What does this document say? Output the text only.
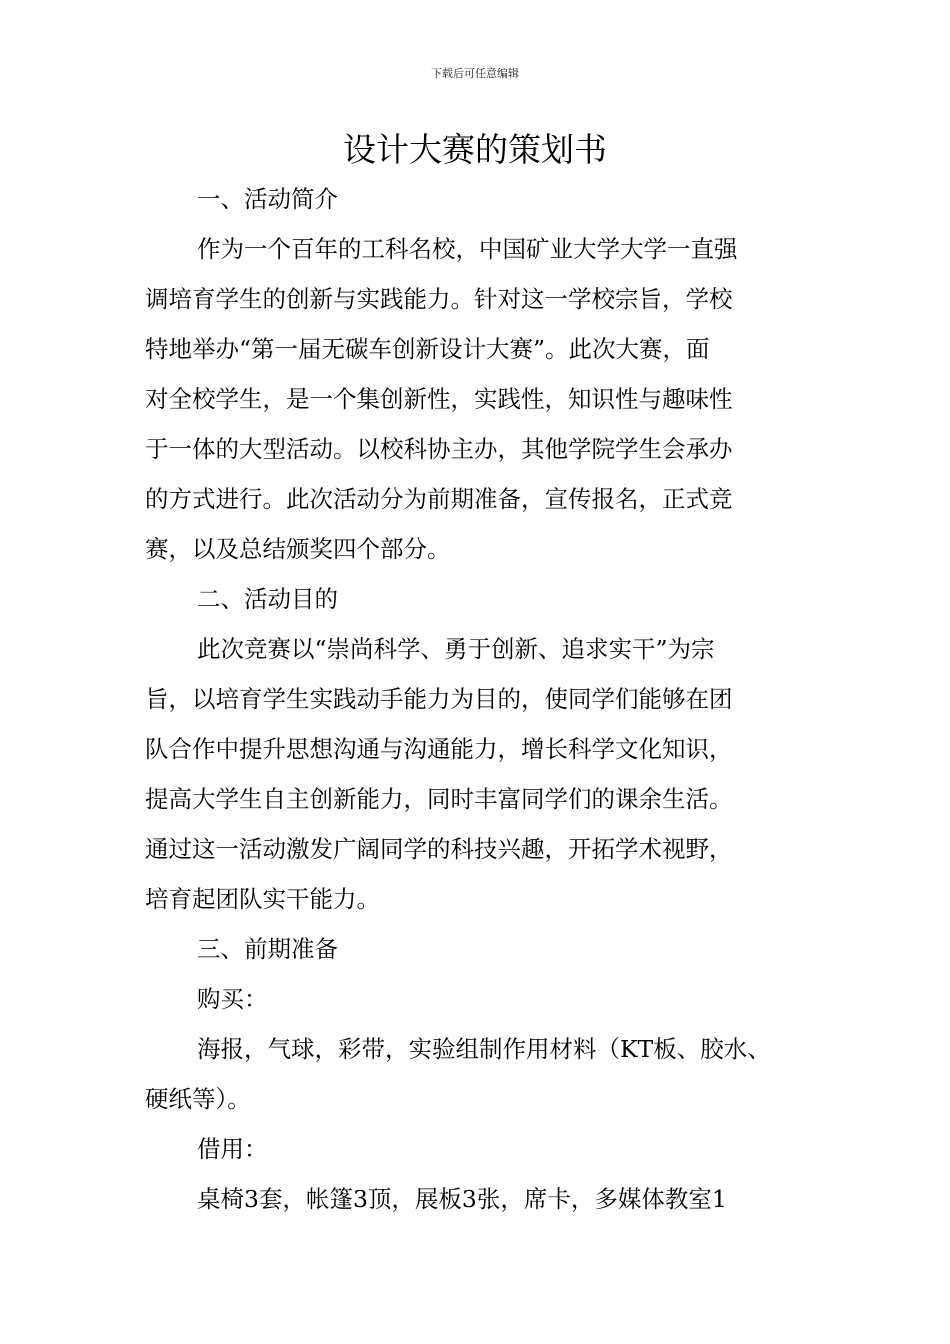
下载后可任意编辑
设计大赛的策划书
一、活动简介
作为一个百年的工科名校，中国矿业大学大学一直强
调培育学生的创新与实践能力。针对这一学校宗旨，学校
特地举办“第一届无碳车创新设计大赛”。此次大赛，面
对全校学生，是一个集创新性，实践性，知识性与趣味性
于一体的大型活动。以校科协主办，其他学院学生会承办
的方式进行。此次活动分为前期准备，宣传报名，正式竞
赛，以及总结颁奖四个部分。
二、活动目的
此次竞赛以“崇尚科学、勇于创新、追求实干”为宗
旨，以培育学生实践动手能力为目的，使同学们能够在团
队合作中提升思想沟通与沟通能力，增长科学文化知识，
提高大学生自主创新能力，同时丰富同学们的课余生活。
通过这一活动激发广阔同学的科技兴趣，开拓学术视野，
培育起团队实干能力。
三、前期准备
购买：
海报，气球，彩带，实验组制作用材料（KT板、胶水、
硬纸等）。
借用：
桌椅3套，帐篷3顶，展板3张，席卡，多媒体教室1
